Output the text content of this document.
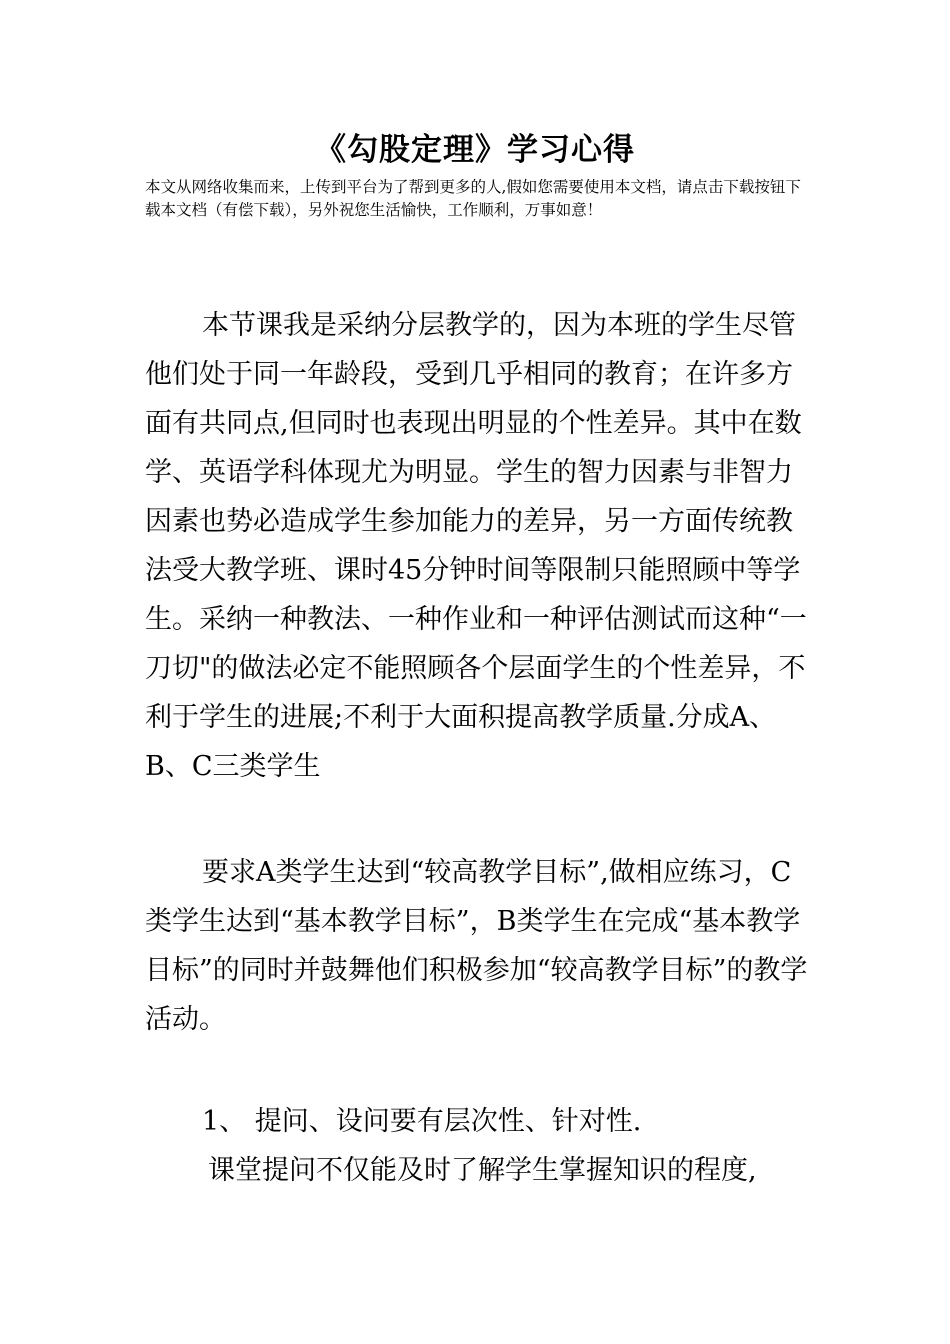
《勾股定理》学习心得
本文从网络收集而来，上传到平台为了帮到更多的人,假如您需要使用本文档，请点击下载按钮下载本文档（有偿下载），另外祝您生活愉快，工作顺利，万事如意！

本节课我是采纳分层教学的，因为本班的学生尽管他们处于同一年龄段，受到几乎相同的教育；在许多方面有共同点,但同时也表现出明显的个性差异。其中在数学、英语学科体现尤为明显。学生的智力因素与非智力因素也势必造成学生参加能力的差异，另一方面传统教法受大教学班、课时45分钟时间等限制只能照顾中等学生。采纳一种教法、一种作业和一种评估测试而这种“一刀切"的做法必定不能照顾各个层面学生的个性差异，不利于学生的进展;不利于大面积提高教学质量.分成A、B、C三类学生

要求A类学生达到“较高教学目标”,做相应练习，C类学生达到“基本教学目标”，B类学生在完成“基本教学目标”的同时并鼓舞他们积极参加“较高教学目标”的教学活动。

1、 提问、设问要有层次性、针对性.

课堂提问不仅能及时了解学生掌握知识的程度,
